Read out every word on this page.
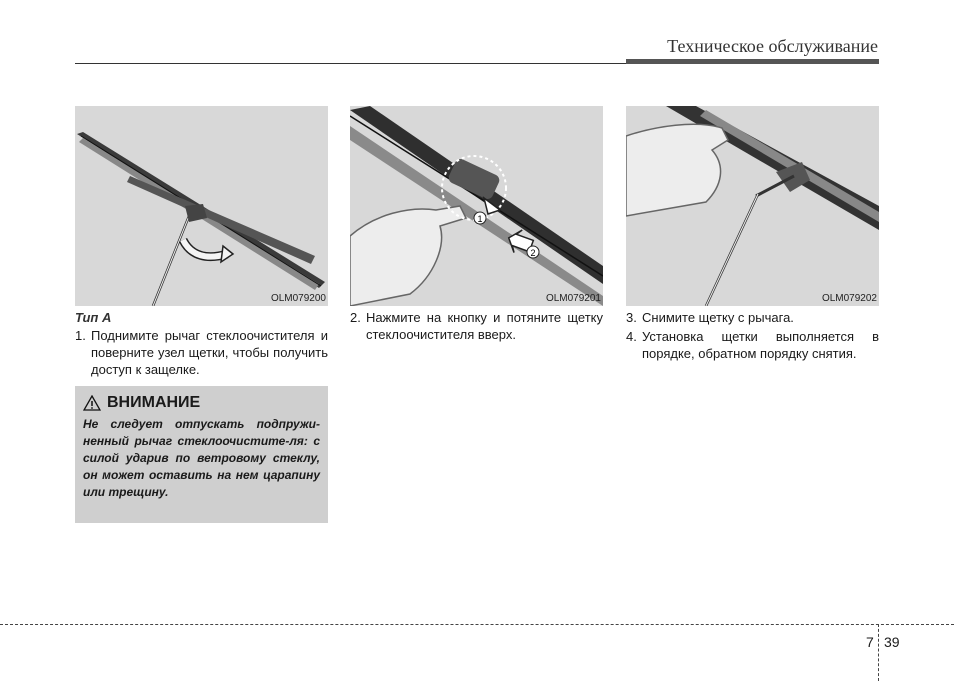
Техническое обслуживание
OLM079200
1
2
OLM079201	OLM079202
Тип А
1. Поднимите рычаг стеклоочистителя и поверните узел щетки, чтобы получить доступ к защелке.
2. Нажмите на кнопку и потяните щетку стеклоочистителя вверх.
3. Снимите щетку с рычага.
4. Установка щетки выполняется в порядке, обратном порядку снятия.
ВНИМАНИЕ
Не следует отпускать подпружи-ненный рычаг стеклоочистите-ля: с силой ударив по ветровому стеклу, он может оставить на нем царапину или трещину.
7 39
